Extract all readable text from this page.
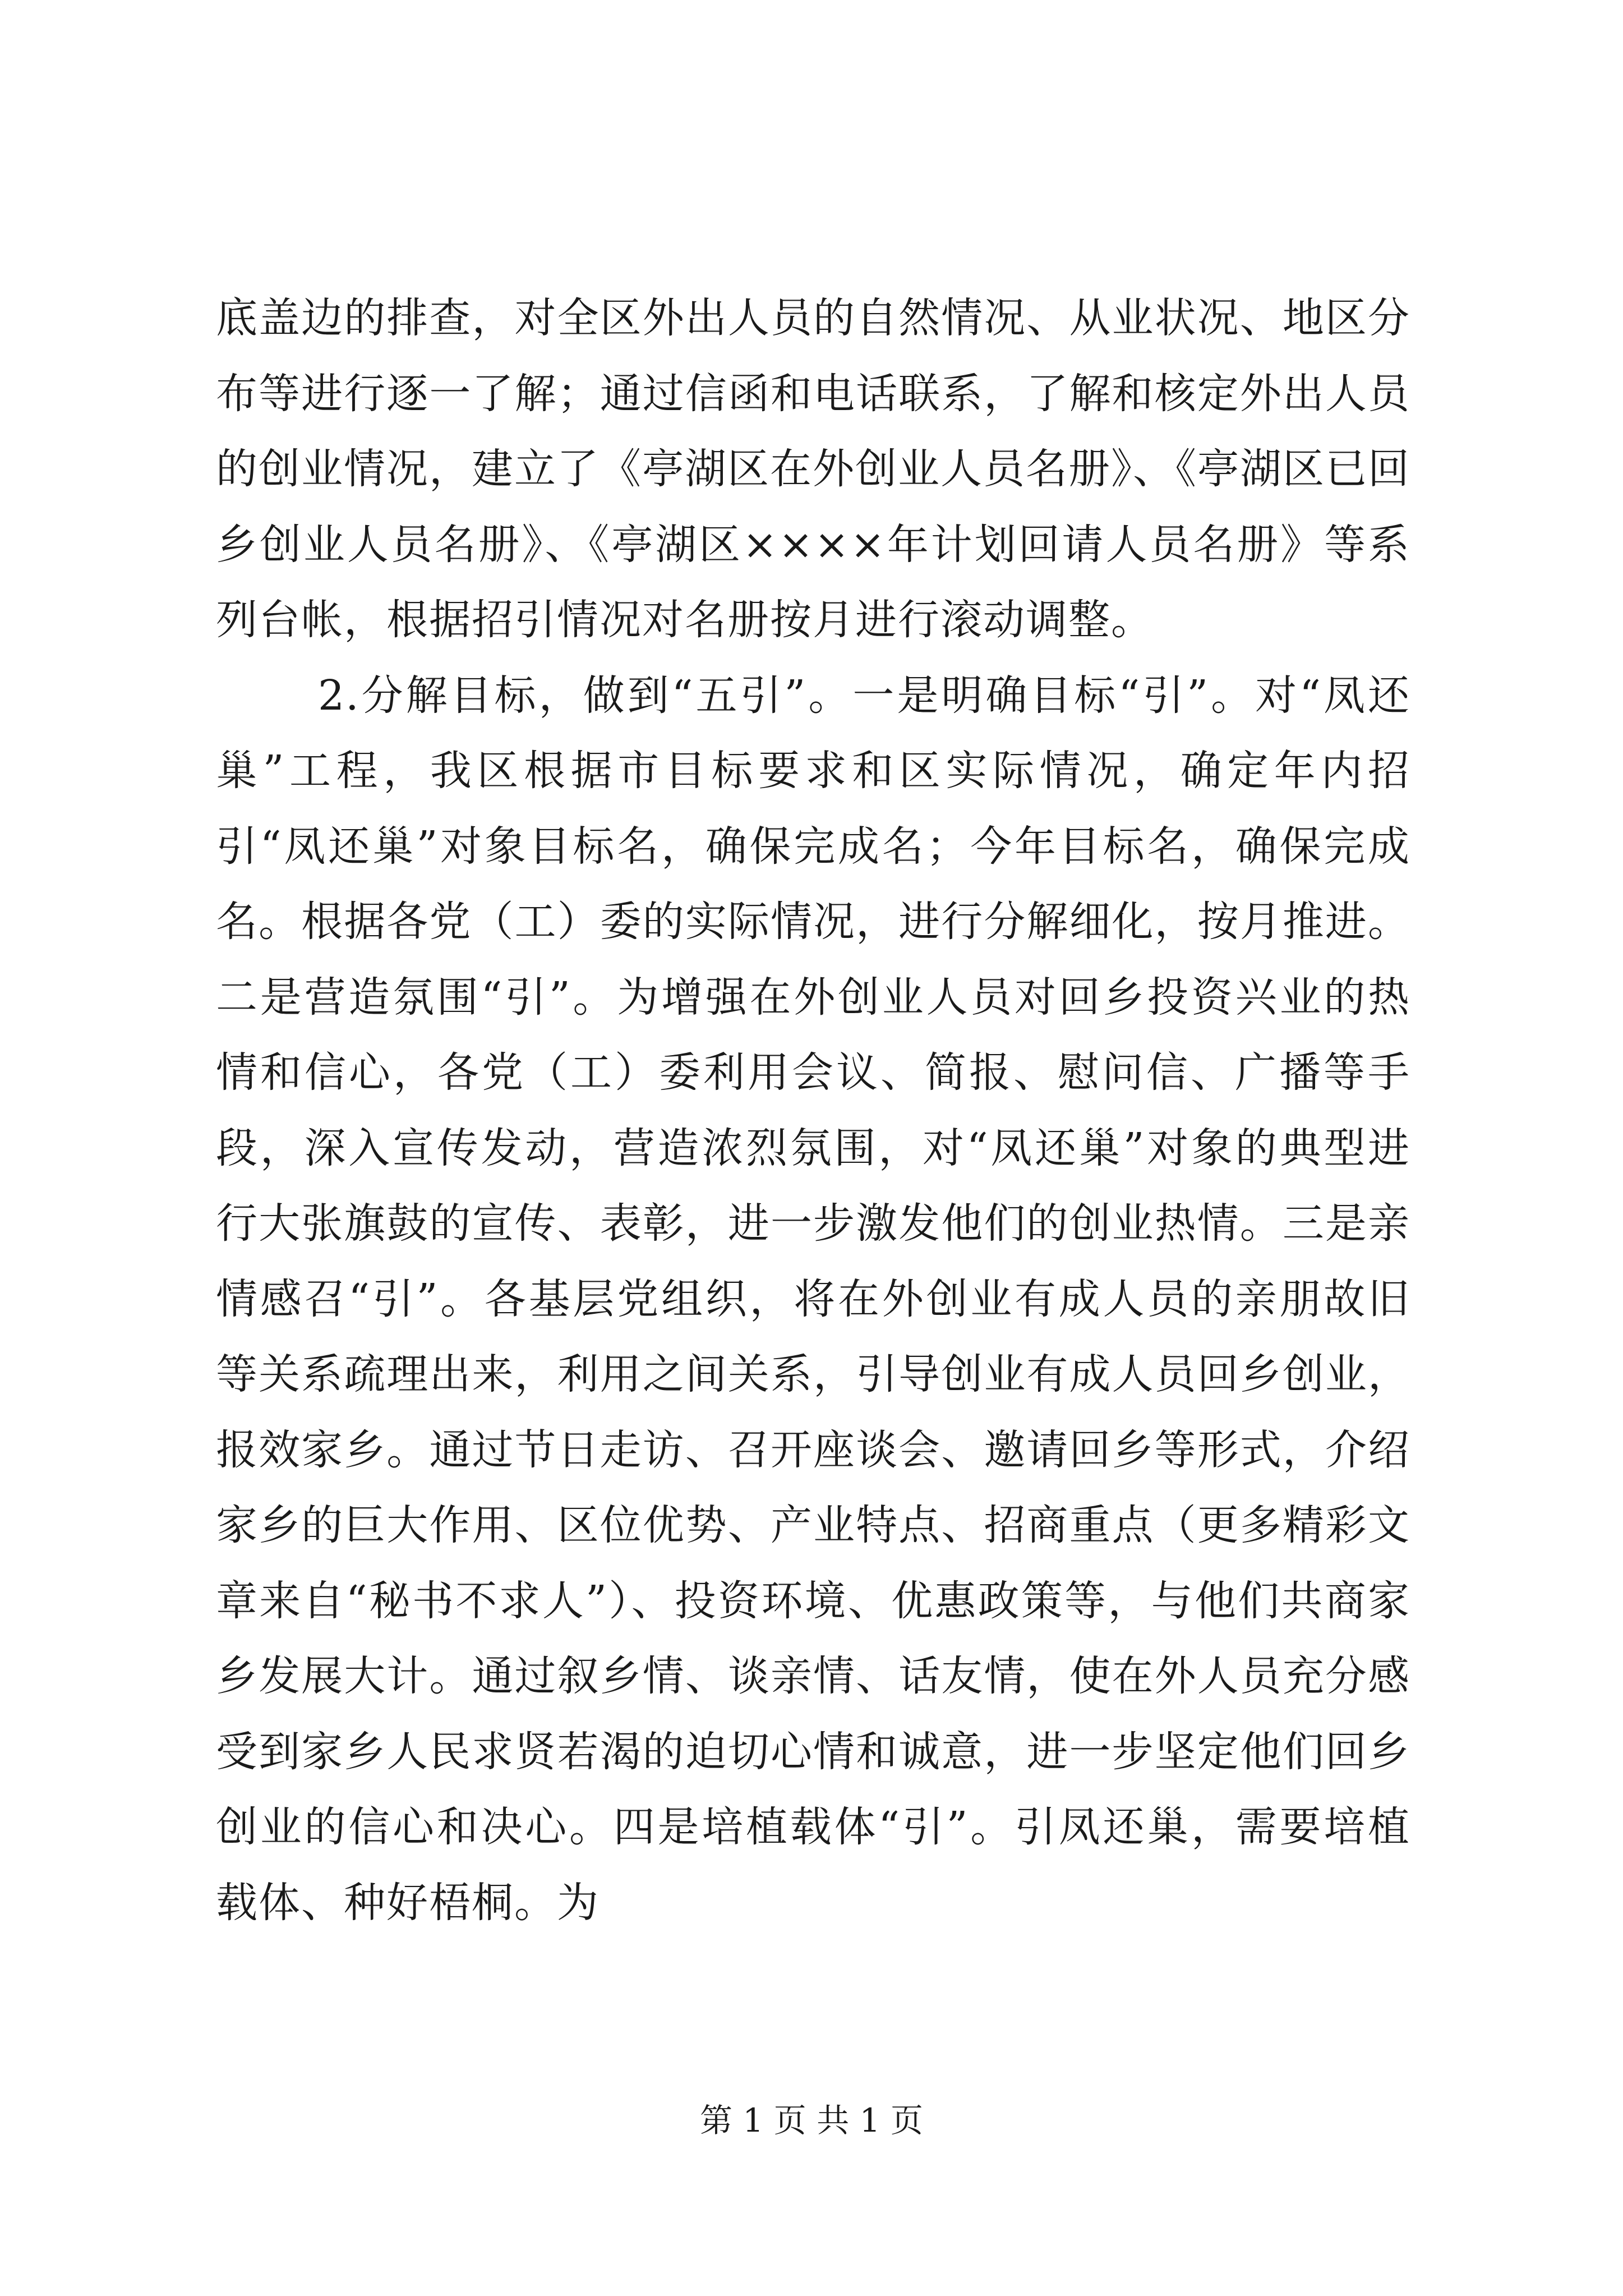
底盖边的排查，对全区外出人员的自然情况、从业状况、地区分布等进行逐一了解；通过信函和电话联系，了解和核定外出人员的创业情况，建立了《亭湖区在外创业人员名册》、《亭湖区已回乡创业人员名册》、《亭湖区××××年计划回请人员名册》等系列台帐，根据招引情况对名册按月进行滚动调整。

2.分解目标，做到“五引”。一是明确目标“引”。对“凤还巢”工程，我区根据市目标要求和区实际情况，确定年内招引“凤还巢”对象目标名，确保完成名；今年目标名，确保完成名。根据各党（工）委的实际情况，进行分解细化，按月推进。二是营造氛围“引”。为增强在外创业人员对回乡投资兴业的热情和信心，各党（工）委利用会议、简报、慰问信、广播等手段，深入宣传发动，营造浓烈氛围，对“凤还巢”对象的典型进行大张旗鼓的宣传、表彰，进一步激发他们的创业热情。三是亲情感召“引”。各基层党组织，将在外创业有成人员的亲朋故旧等关系疏理出来，利用之间关系，引导创业有成人员回乡创业，报效家乡。通过节日走访、召开座谈会、邀请回乡等形式，介绍家乡的巨大作用、区位优势、产业特点、招商重点（更多精彩文章来自“秘书不求人”）、投资环境、优惠政策等，与他们共商家乡发展大计。通过叙乡情、谈亲情、话友情，使在外人员充分感受到家乡人民求贤若渴的迫切心情和诚意，进一步坚定他们回乡创业的信心和决心。四是培植载体“引”。引凤还巢，需要培植载体、种好梧桐。为

第 1 页 共 1 页
